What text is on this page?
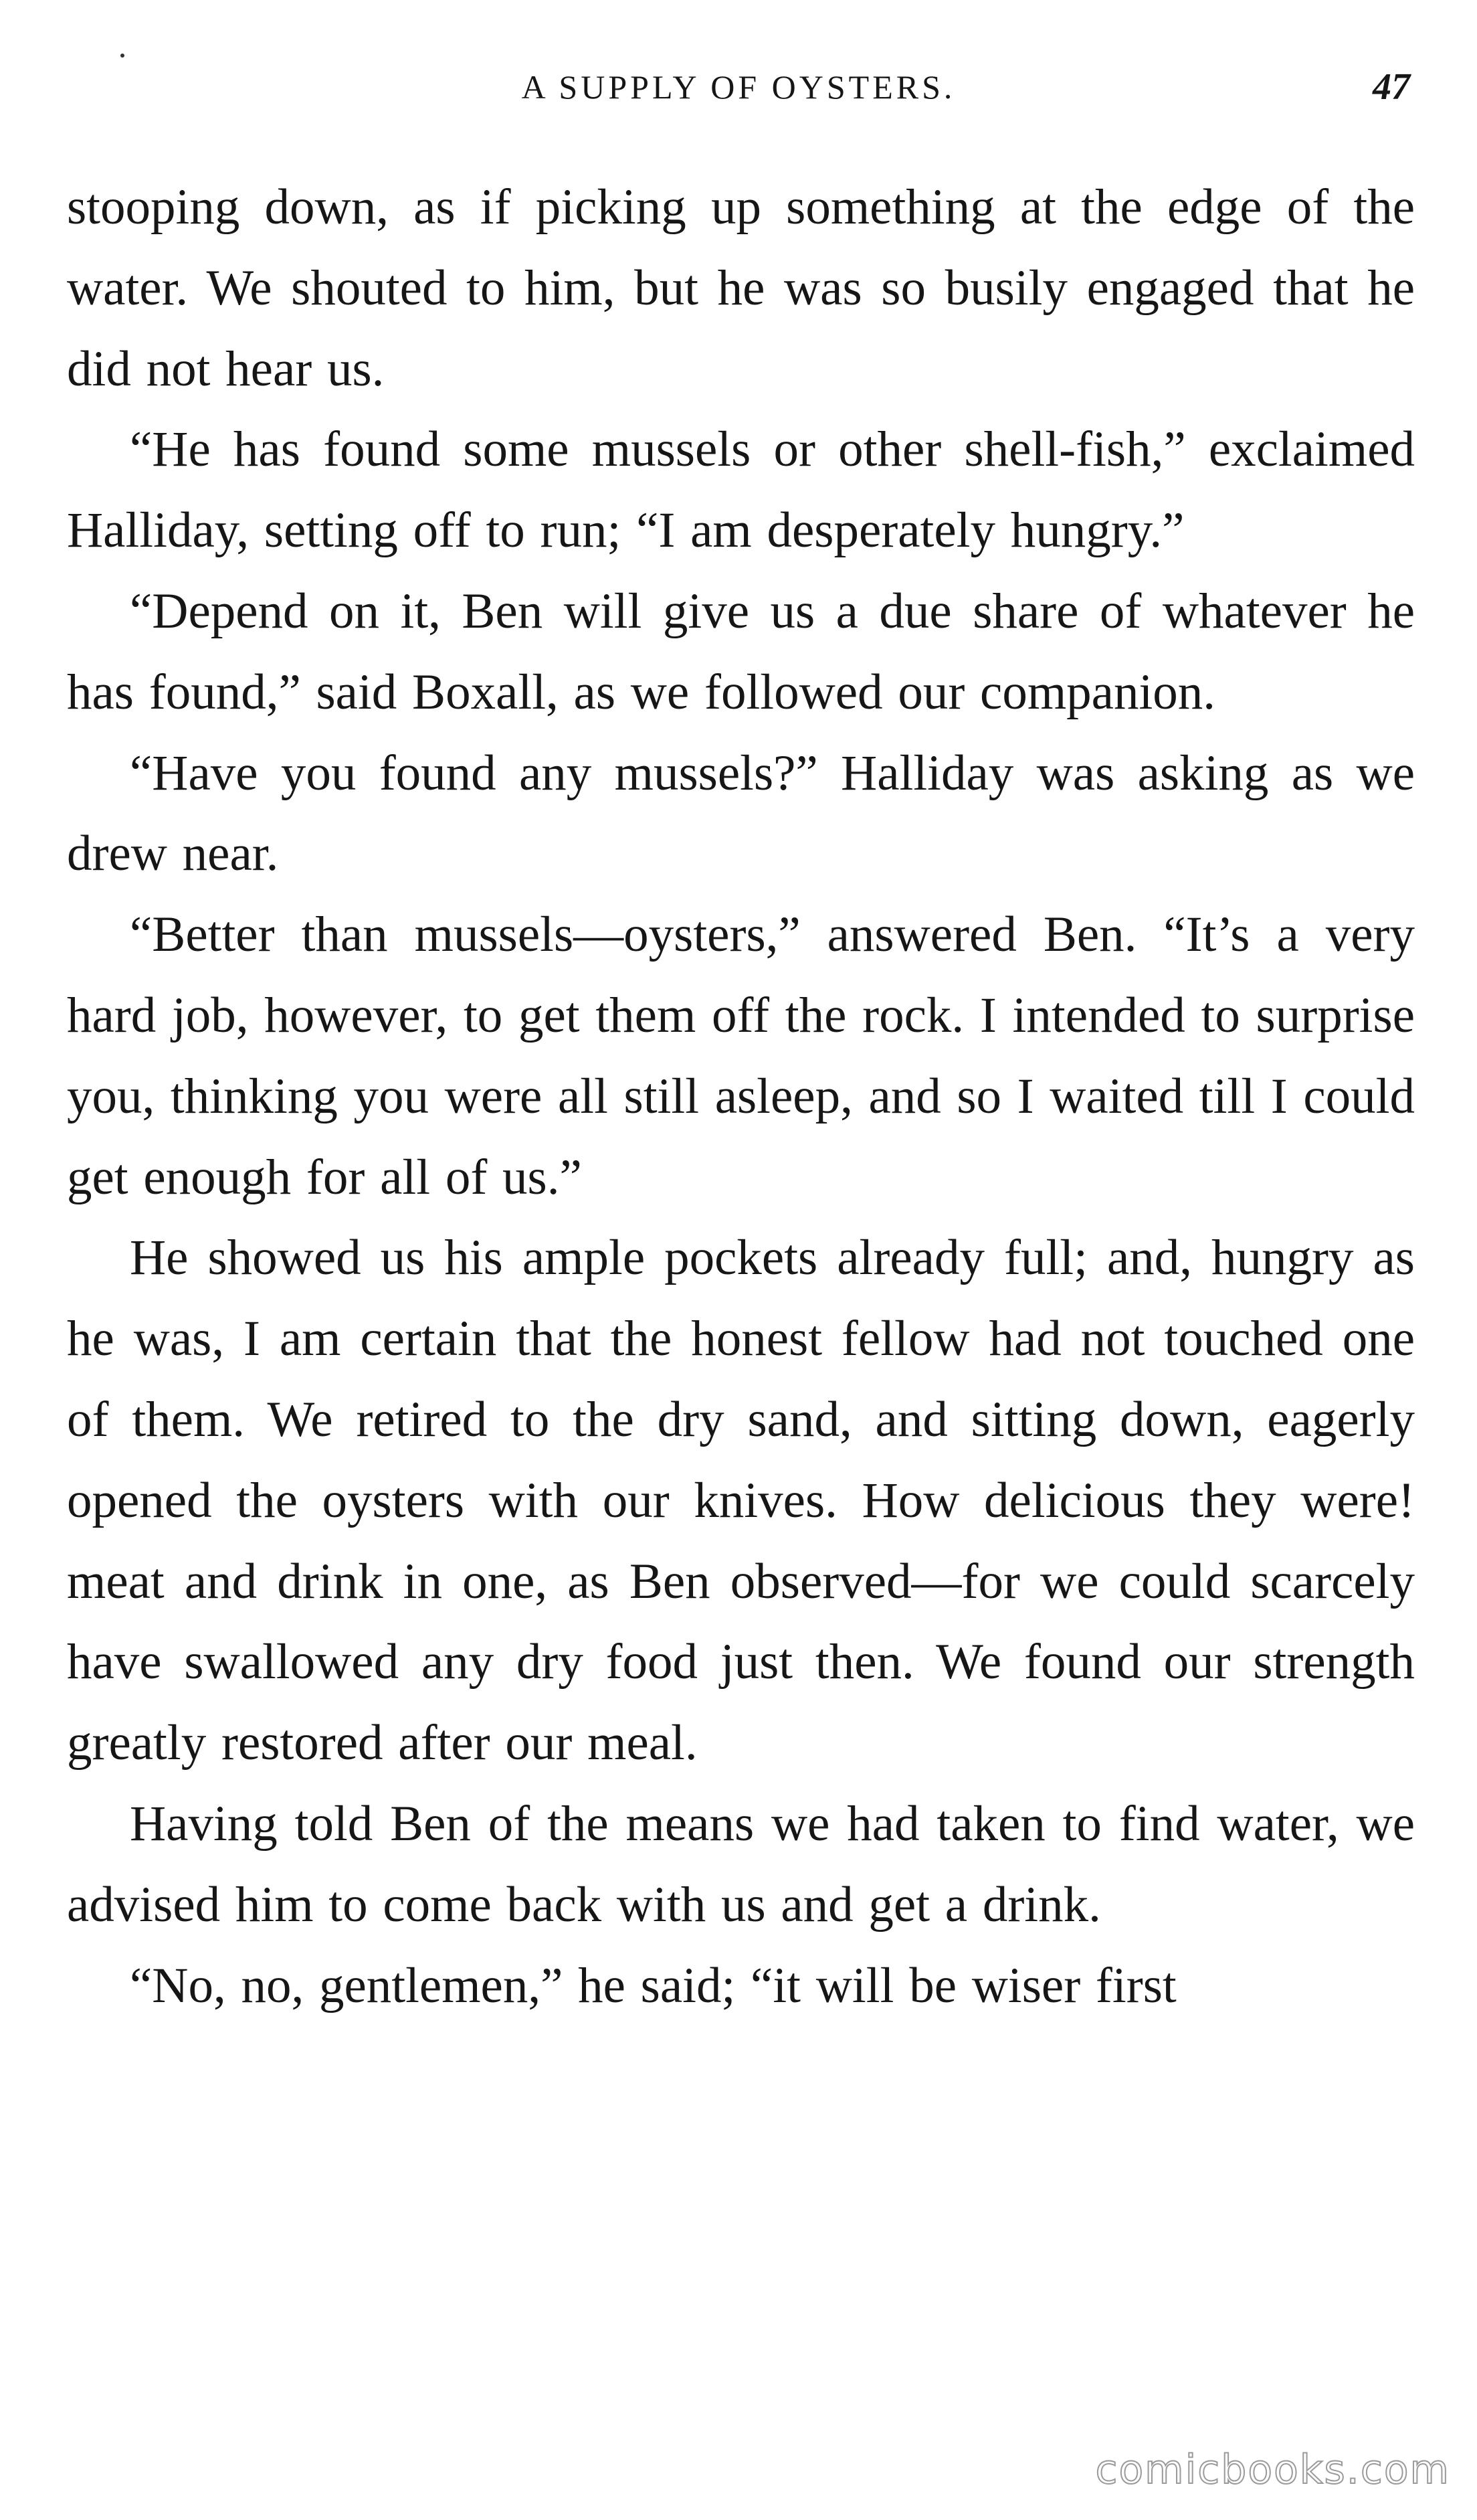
A SUPPLY OF OYSTERS.	47

stooping down, as if picking up something at the edge of the water. We shouted to him, but he was so busily engaged that he did not hear us.

“He has found some mussels or other shell-fish,” exclaimed Halliday, setting off to run; “I am desperately hungry.”

“Depend on it, Ben will give us a due share of whatever he has found,” said Boxall, as we followed our companion.

“Have you found any mussels?” Halliday was asking as we drew near.

“Better than mussels—oysters,” answered Ben. “It’s a very hard job, however, to get them off the rock. I intended to surprise you, thinking you were all still asleep, and so I waited till I could get enough for all of us.”

He showed us his ample pockets already full; and, hungry as he was, I am certain that the honest fellow had not touched one of them. We retired to the dry sand, and sitting down, eagerly opened the oysters with our knives. How delicious they were! meat and drink in one, as Ben observed—for we could scarcely have swallowed any dry food just then. We found our strength greatly restored after our meal.

Having told Ben of the means we had taken to find water, we advised him to come back with us and get a drink.

“No, no, gentlemen,” he said; “it will be wiser first

comicbooks.com
